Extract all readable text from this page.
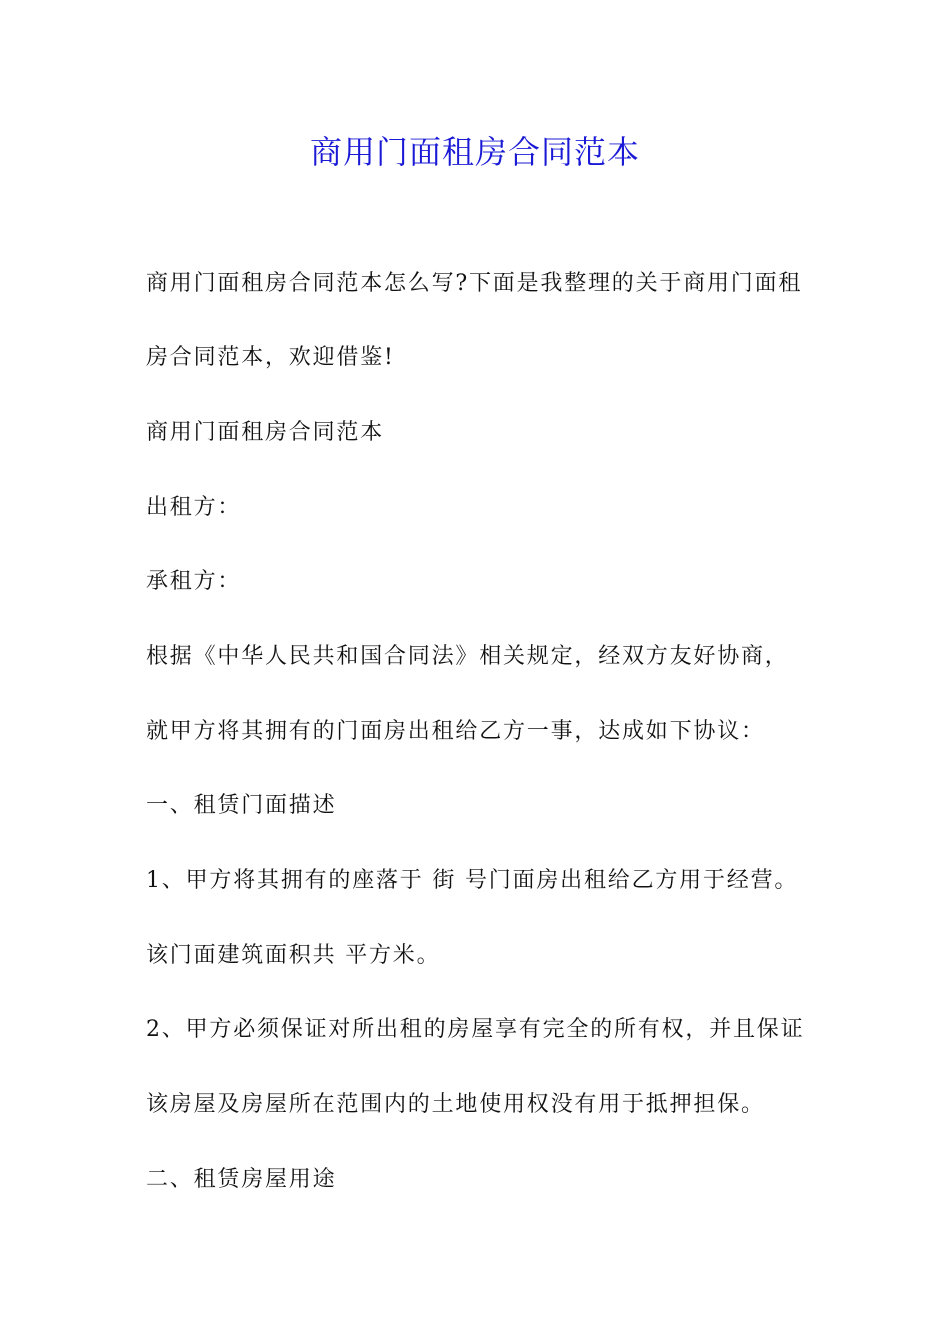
商用门面租房合同范本

商用门面租房合同范本怎么写?下面是我整理的关于商用门面租

房合同范本，欢迎借鉴!

商用门面租房合同范本

出租方：

承租方：

根据《中华人民共和国合同法》相关规定，经双方友好协商，

就甲方将其拥有的门面房出租给乙方一事，达成如下协议：

一、租赁门面描述

1、甲方将其拥有的座落于 街 号门面房出租给乙方用于经营。

该门面建筑面积共 平方米。

2、甲方必须保证对所出租的房屋享有完全的所有权，并且保证

该房屋及房屋所在范围内的土地使用权没有用于抵押担保。

二、租赁房屋用途
